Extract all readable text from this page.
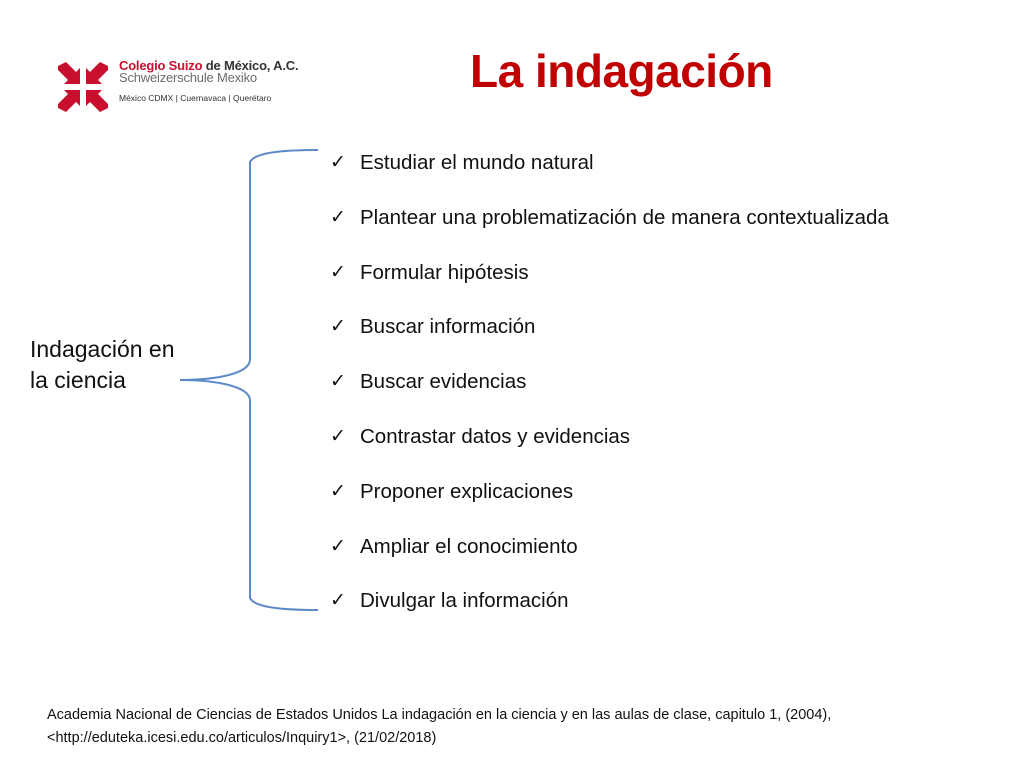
Colegio Suizo de México, A.C.
Schweizerschule Mexiko
México CDMX | Cuernavaca | Querétaro
La indagación
Indagación en la ciencia
✓ Estudiar el mundo natural
✓ Plantear una problematización de manera contextualizada
✓ Formular hipótesis
✓ Buscar información
✓ Buscar evidencias
✓ Contrastar datos y evidencias
✓ Proponer explicaciones
✓ Ampliar el conocimiento
✓ Divulgar la información
Academia Nacional de Ciencias de Estados Unidos La indagación en la ciencia y en las aulas de clase, capitulo 1, (2004), <http://eduteka.icesi.edu.co/articulos/Inquiry1>, (21/02/2018)
